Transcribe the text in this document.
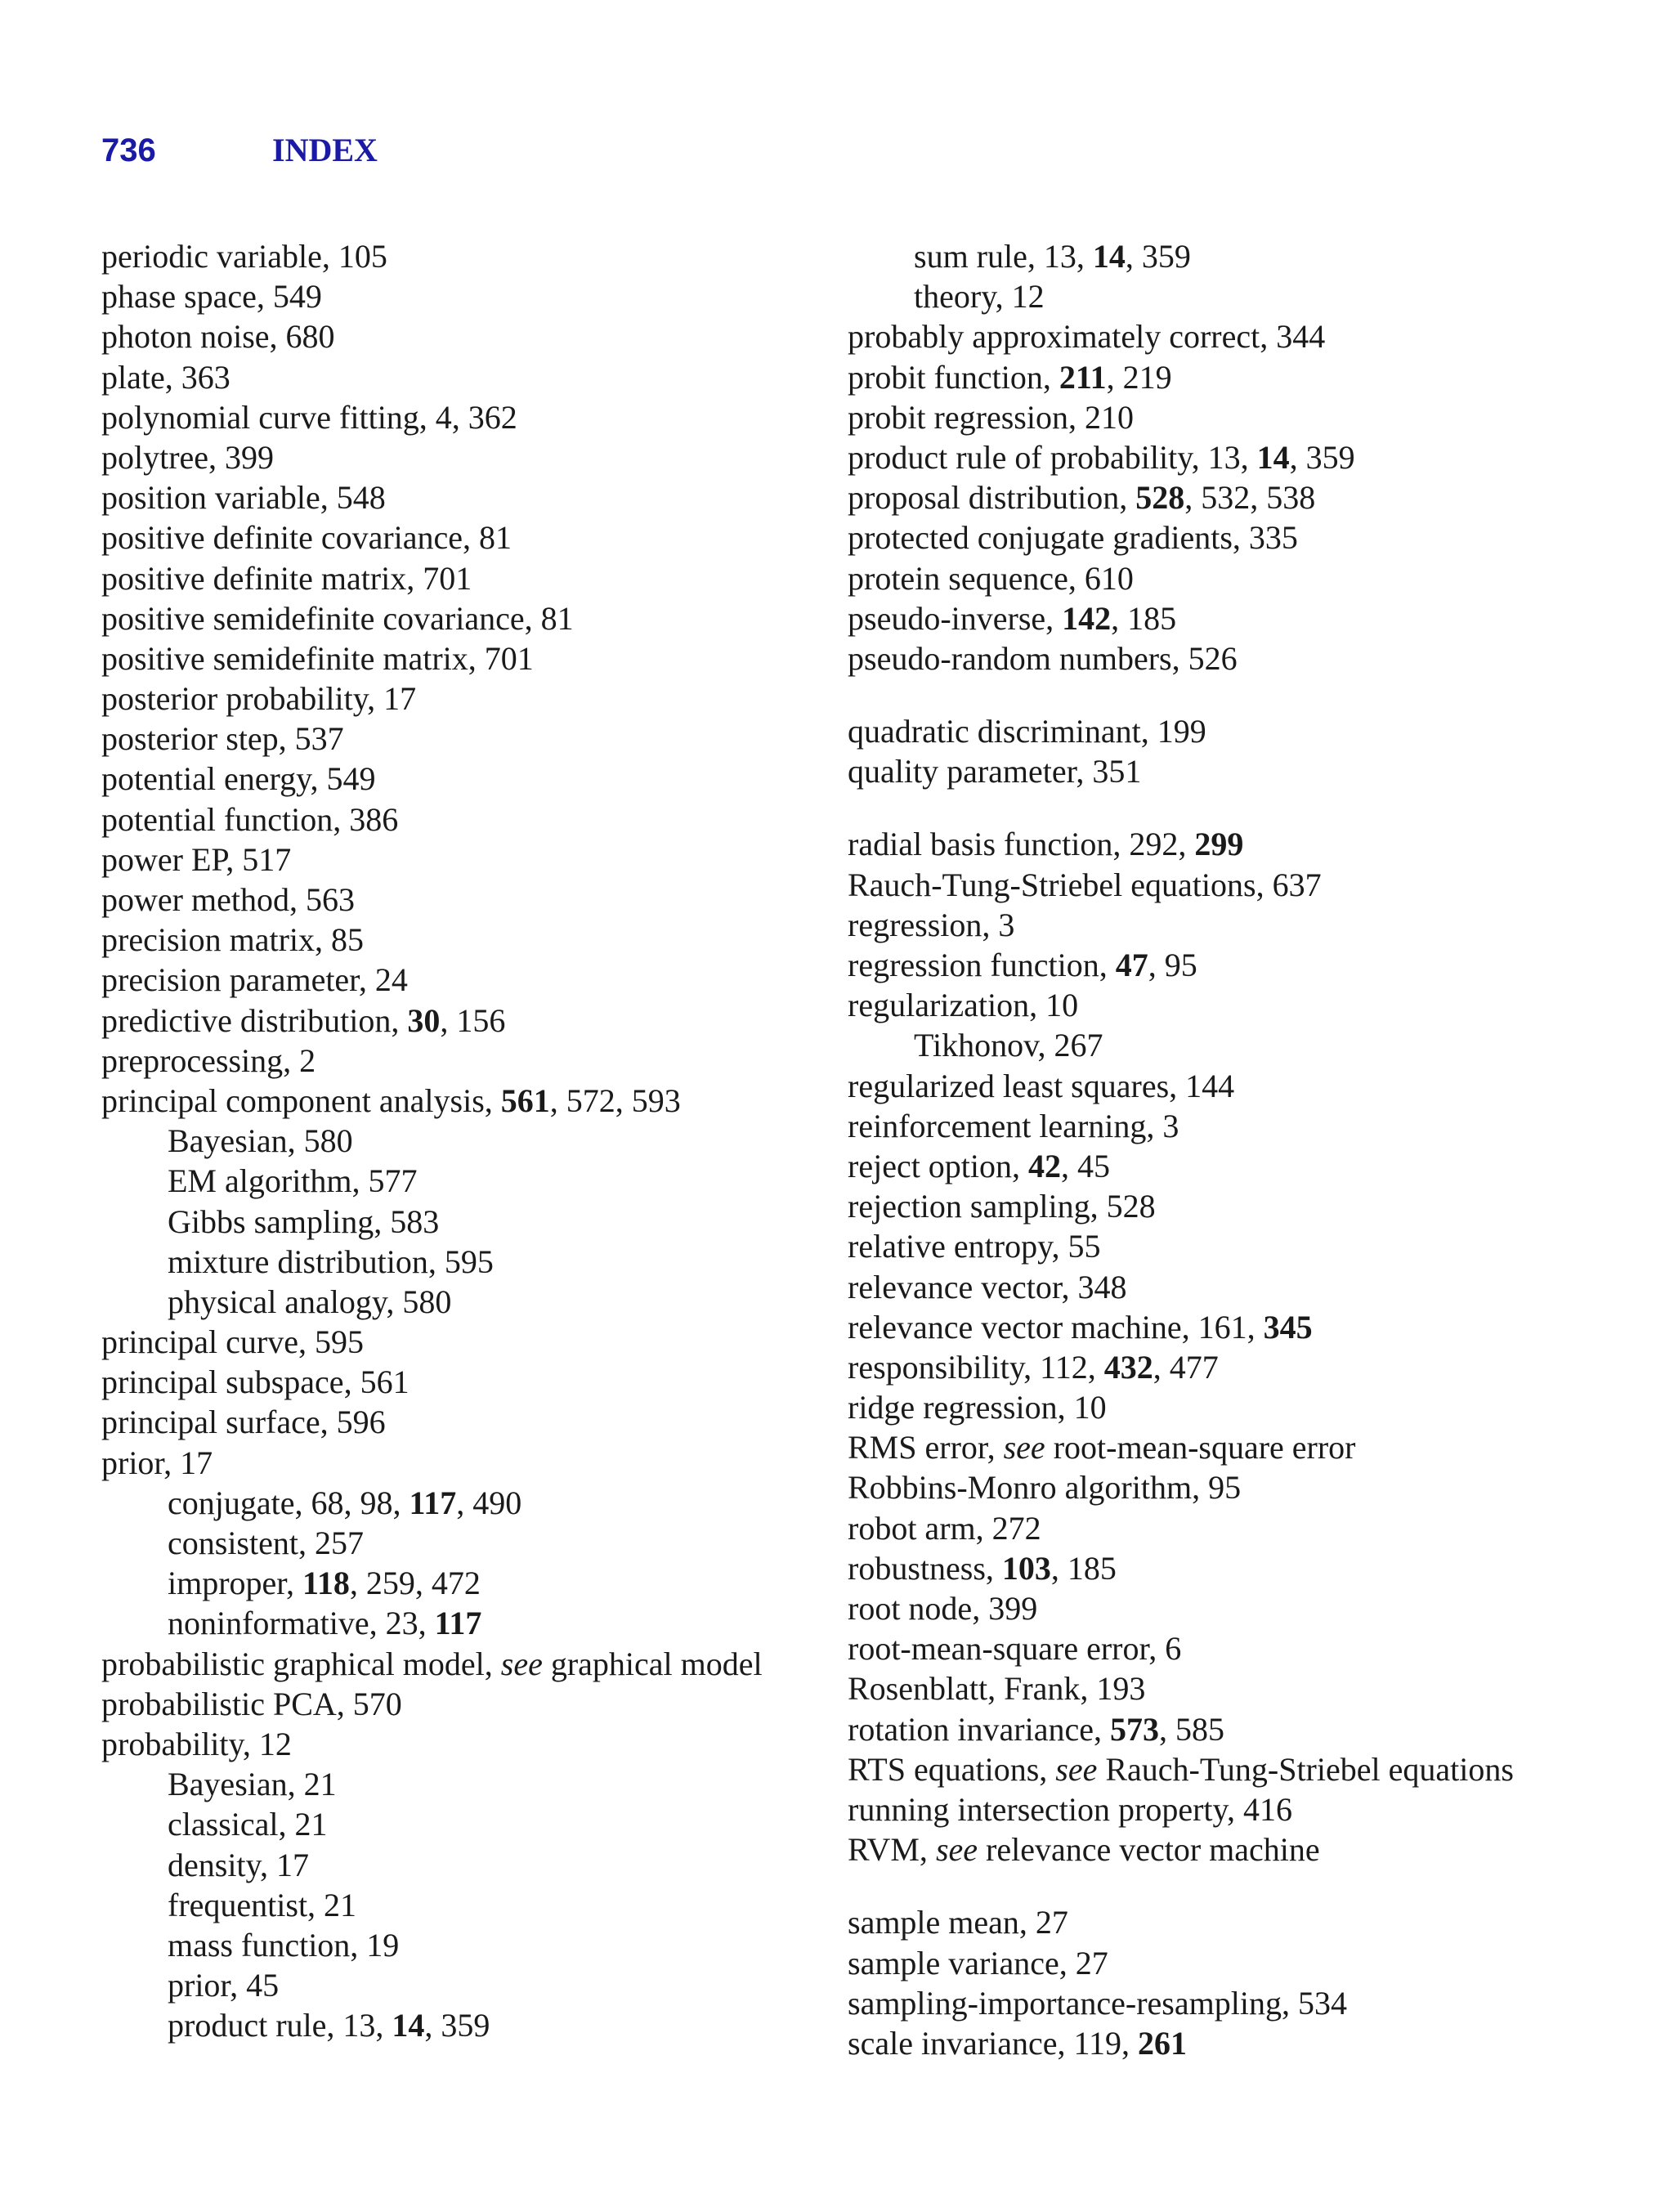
736	INDEX
periodic variable, 105
phase space, 549
photon noise, 680
plate, 363
polynomial curve fitting, 4, 362
polytree, 399
position variable, 548
positive definite covariance, 81
positive definite matrix, 701
positive semidefinite covariance, 81
positive semidefinite matrix, 701
posterior probability, 17
posterior step, 537
potential energy, 549
potential function, 386
power EP, 517
power method, 563
precision matrix, 85
precision parameter, 24
predictive distribution, 30, 156
preprocessing, 2
principal component analysis, 561, 572, 593
Bayesian, 580
EM algorithm, 577
Gibbs sampling, 583
mixture distribution, 595
physical analogy, 580
principal curve, 595
principal subspace, 561
principal surface, 596
prior, 17
conjugate, 68, 98, 117, 490
consistent, 257
improper, 118, 259, 472
noninformative, 23, 117
probabilistic graphical model, see graphical model
probabilistic PCA, 570
probability, 12
Bayesian, 21
classical, 21
density, 17
frequentist, 21
mass function, 19
prior, 45
product rule, 13, 14, 359
sum rule, 13, 14, 359
theory, 12
probably approximately correct, 344
probit function, 211, 219
probit regression, 210
product rule of probability, 13, 14, 359
proposal distribution, 528, 532, 538
protected conjugate gradients, 335
protein sequence, 610
pseudo-inverse, 142, 185
pseudo-random numbers, 526
quadratic discriminant, 199
quality parameter, 351
radial basis function, 292, 299
Rauch-Tung-Striebel equations, 637
regression, 3
regression function, 47, 95
regularization, 10
Tikhonov, 267
regularized least squares, 144
reinforcement learning, 3
reject option, 42, 45
rejection sampling, 528
relative entropy, 55
relevance vector, 348
relevance vector machine, 161, 345
responsibility, 112, 432, 477
ridge regression, 10
RMS error, see root-mean-square error
Robbins-Monro algorithm, 95
robot arm, 272
robustness, 103, 185
root node, 399
root-mean-square error, 6
Rosenblatt, Frank, 193
rotation invariance, 573, 585
RTS equations, see Rauch-Tung-Striebel equations
running intersection property, 416
RVM, see relevance vector machine
sample mean, 27
sample variance, 27
sampling-importance-resampling, 534
scale invariance, 119, 261
